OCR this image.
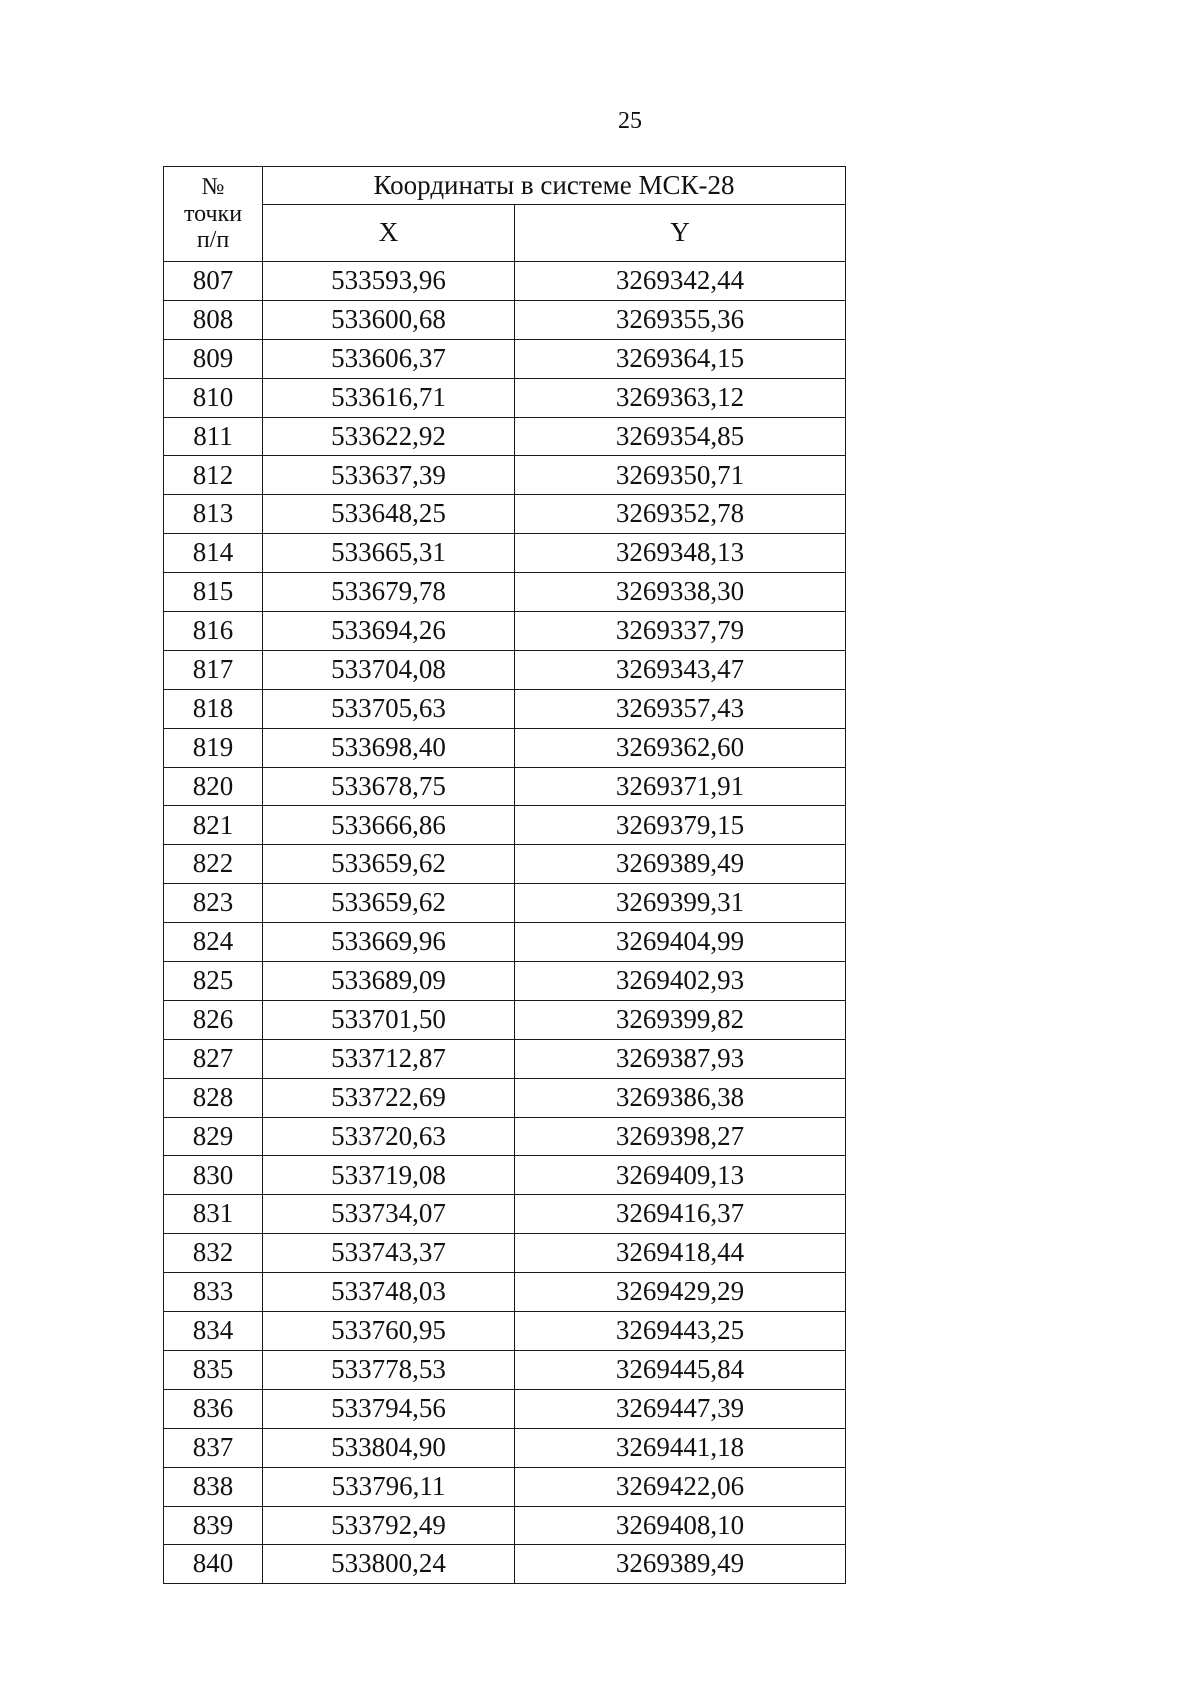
25
№
точки
п/п	Координаты в системе МСК-28	
	X	Y
807	533593,96	3269342,44
808	533600,68	3269355,36
809	533606,37	3269364,15
810	533616,71	3269363,12
811	533622,92	3269354,85
812	533637,39	3269350,71
813	533648,25	3269352,78
814	533665,31	3269348,13
815	533679,78	3269338,30
816	533694,26	3269337,79
817	533704,08	3269343,47
818	533705,63	3269357,43
819	533698,40	3269362,60
820	533678,75	3269371,91
821	533666,86	3269379,15
822	533659,62	3269389,49
823	533659,62	3269399,31
824	533669,96	3269404,99
825	533689,09	3269402,93
826	533701,50	3269399,82
827	533712,87	3269387,93
828	533722,69	3269386,38
829	533720,63	3269398,27
830	533719,08	3269409,13
831	533734,07	3269416,37
832	533743,37	3269418,44
833	533748,03	3269429,29
834	533760,95	3269443,25
835	533778,53	3269445,84
836	533794,56	3269447,39
837	533804,90	3269441,18
838	533796,11	3269422,06
839	533792,49	3269408,10
840	533800,24	3269389,49
